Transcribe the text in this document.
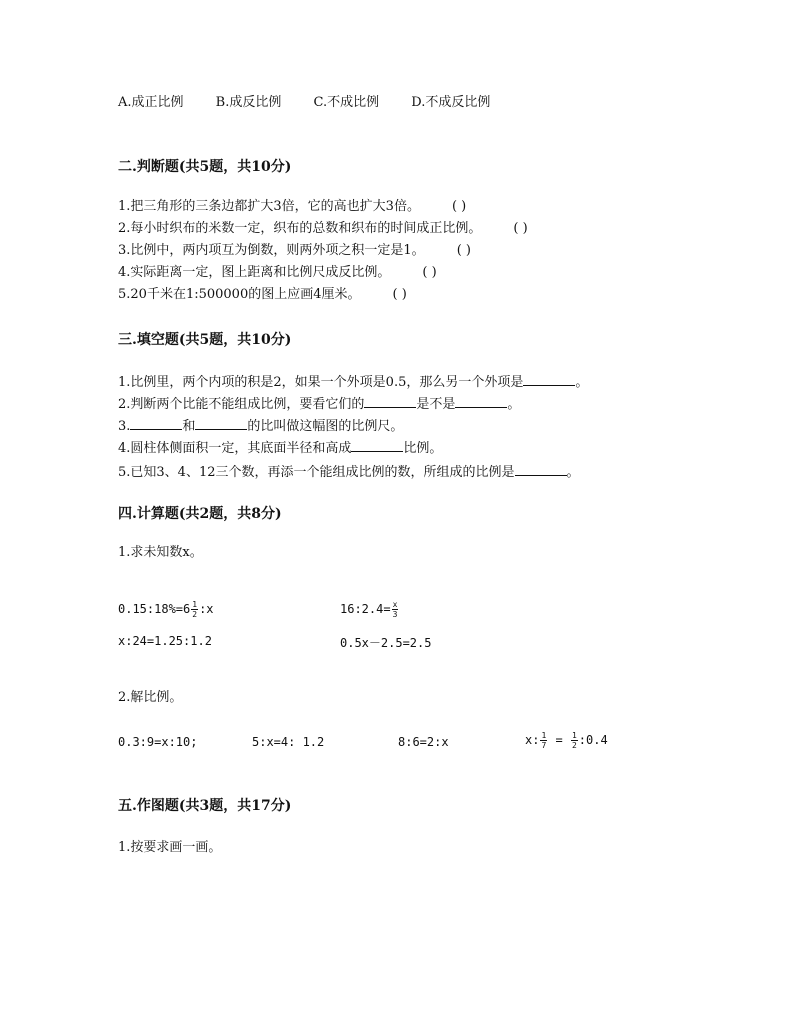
A.成正比例 B.成反比例 C.不成比例 D.不成反比例
二.判断题(共5题，共10分)
1.把三角形的三条边都扩大3倍，它的高也扩大3倍。 ( )
2.每小时织布的米数一定，织布的总数和织布的时间成正比例。 ( )
3.比例中，两内项互为倒数，则两外项之积一定是1。 ( )
4.实际距离一定，图上距离和比例尺成反比例。 ( )
5.20千米在1:500000的图上应画4厘米。 ( )
三.填空题(共5题，共10分)
1.比例里，两个内项的积是2，如果一个外项是0.5，那么另一个外项是	。
2.判断两个比能不能组成比例，要看它们的	是不是	。
3.	和	的比叫做这幅图的比例尺。
4.圆柱体侧面积一定，其底面半径和高成	比例。
5.已知3、4、12三个数，再添一个能组成比例的数，所组成的比例是	。
四.计算题(共2题，共8分)
1.求未知数x。
0.15:18%=6 $\frac{1}{2}$ :x	16:2.4= $\frac{x}{3}$
x:24=1.25:1.2	0.5x－2.5=2.5
2.解比例。
0.3:9=x:10;	5:x=4: 1.2	8:6=2:x	x: $\frac{1}{7} = \frac{1}{2}$ :0.4
五.作图题(共3题，共17分)
1.按要求画一画。
